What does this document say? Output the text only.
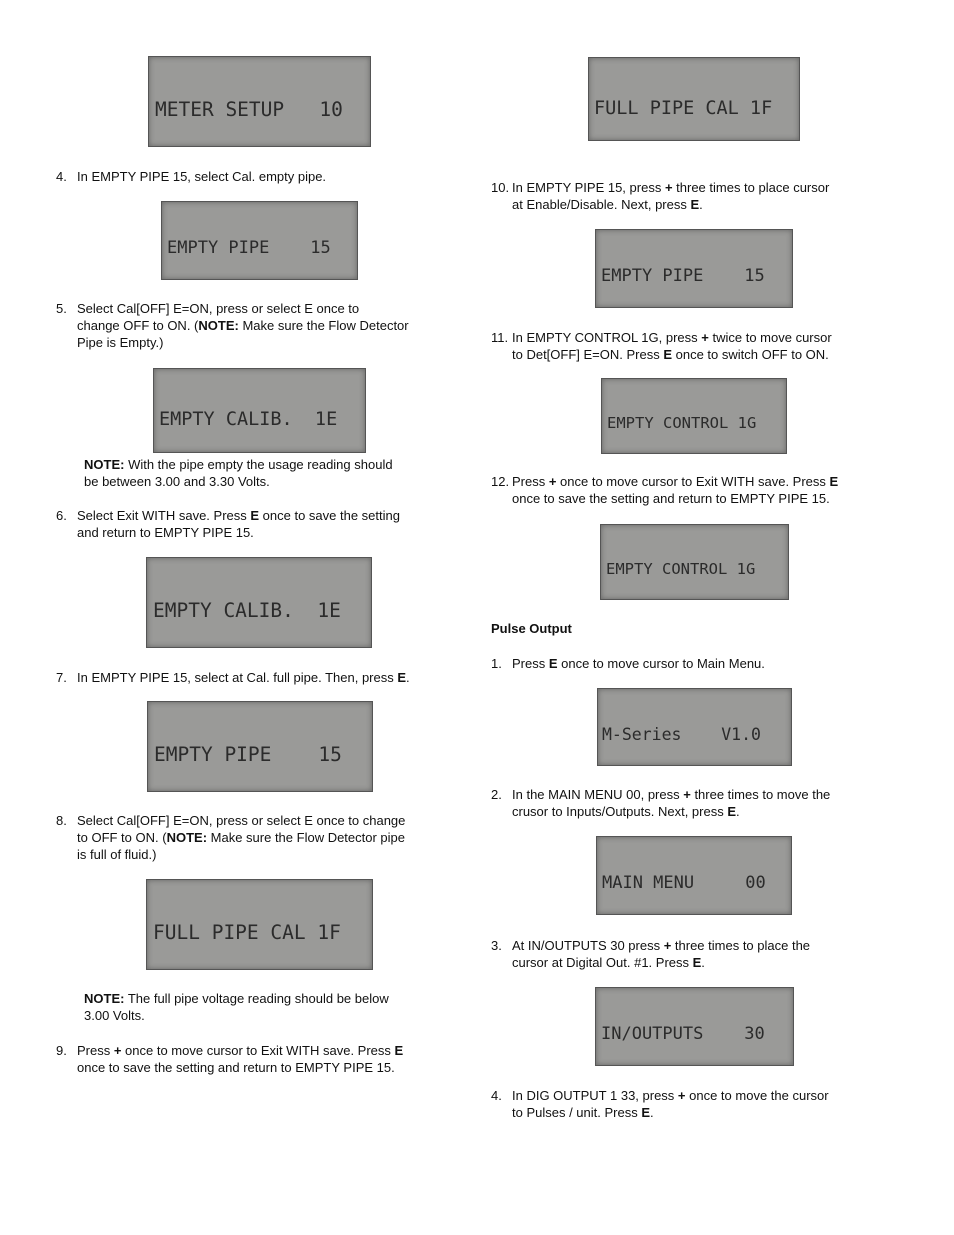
METER SETUP   10

4. In EMPTY PIPE 15, select Cal. empty pipe.

EMPTY PIPE    15

5. Select Cal[OFF] E=ON, press or select E once to
change OFF to ON. (NOTE: Make sure the Flow Detector
Pipe is Empty.)

EMPTY CALIB.  1E

NOTE: With the pipe empty the usage reading should
be between 3.00 and 3.30 Volts.
6. Select Exit WITH save. Press E once to save the setting
and return to EMPTY PIPE 15.

EMPTY CALIB.  1E

7. In EMPTY PIPE 15, select at Cal. full pipe. Then, press E.

EMPTY PIPE    15

8. Select Cal[OFF] E=ON, press or select E once to change
to OFF to ON. (NOTE: Make sure the Flow Detector pipe
is full of fluid.)

FULL PIPE CAL 1F

NOTE: The full pipe voltage reading should be below
3.00 Volts.
9. Press + once to move cursor to Exit WITH save. Press E
once to save the setting and return to EMPTY PIPE 15.

FULL PIPE CAL 1F

10. In EMPTY PIPE 15, press + three times to place cursor
at Enable/Disable. Next, press E.

EMPTY PIPE    15

11. In EMPTY CONTROL 1G, press + twice to move cursor
to Det[OFF] E=ON. Press E once to switch OFF to ON.

EMPTY CONTROL 1G

12. Press + once to move cursor to Exit WITH save. Press E
once to save the setting and return to EMPTY PIPE 15.

EMPTY CONTROL 1G

Pulse Output
1. Press E once to move cursor to Main Menu.

M-Series    V1.0

2. In the MAIN MENU 00, press + three times to move the
crusor to Inputs/Outputs. Next, press E.

MAIN MENU     00

3. At IN/OUTPUTS 30 press + three times to place the
cursor at Digital Out. #1. Press E.

IN/OUTPUTS    30

4. In DIG OUTPUT 1 33, press + once to move the cursor
to Pulses / unit. Press E.
